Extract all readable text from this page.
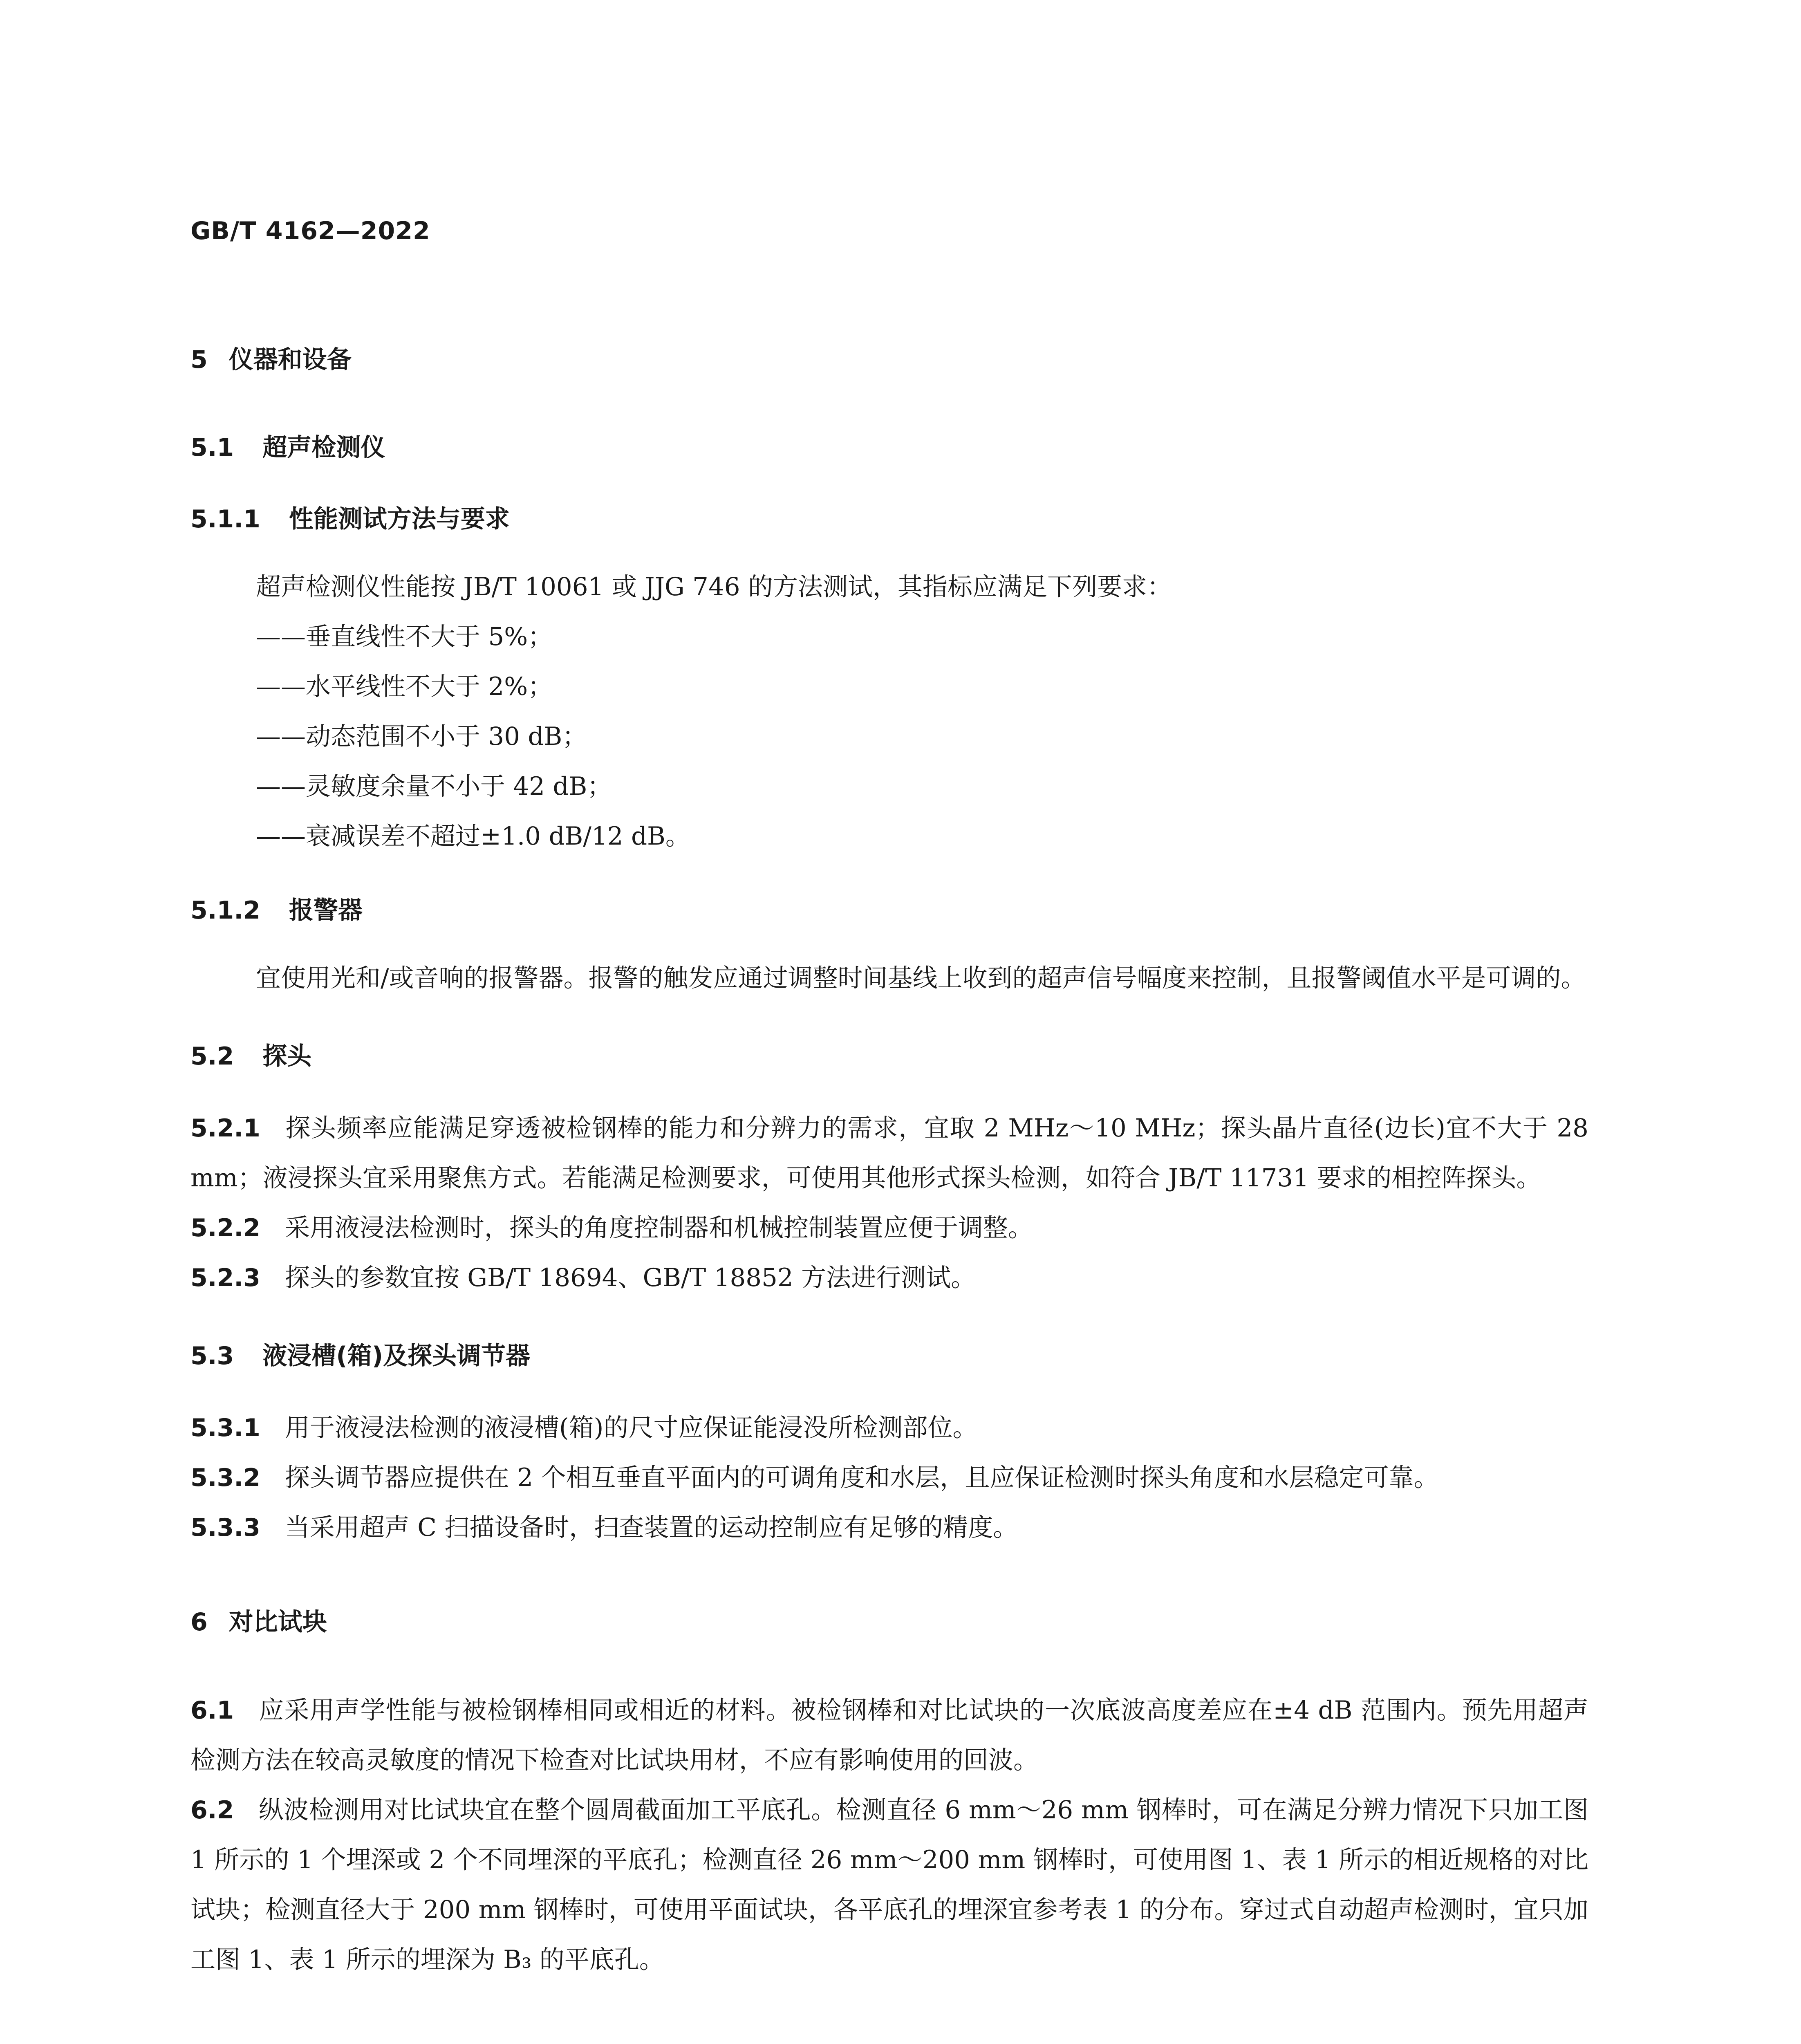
GB/T 4162—2022
5 仪器和设备
5.1 超声检测仪
5.1.1 性能测试方法与要求

超声检测仪性能按 JB/T 10061 或 JJG 746 的方法测试，其指标应满足下列要求：

——垂直线性不大于 5%；
——水平线性不大于 2%；
——动态范围不小于 30 dB；
——灵敏度余量不小于 42 dB；
——衰减误差不超过±1.0 dB/12 dB。
5.1.2 报警器

宜使用光和/或音响的报警器。报警的触发应通过调整时间基线上收到的超声信号幅度来控制，且报警阈值水平是可调的。

5.2 探头

5.2.1 探头频率应能满足穿透被检钢棒的能力和分辨力的需求，宜取 2 MHz～10 MHz；探头晶片直径(边长)宜不大于 28 mm；液浸探头宜采用聚焦方式。若能满足检测要求，可使用其他形式探头检测，如符合 JB/T 11731 要求的相控阵探头。

5.2.2 采用液浸法检测时，探头的角度控制器和机械控制装置应便于调整。

5.2.3 探头的参数宜按 GB/T 18694、GB/T 18852 方法进行测试。

5.3 液浸槽(箱)及探头调节器

5.3.1 用于液浸法检测的液浸槽(箱)的尺寸应保证能浸没所检测部位。

5.3.2 探头调节器应提供在 2 个相互垂直平面内的可调角度和水层，且应保证检测时探头角度和水层稳定可靠。

5.3.3 当采用超声 C 扫描设备时，扫查装置的运动控制应有足够的精度。

6 对比试块

6.1 应采用声学性能与被检钢棒相同或相近的材料。被检钢棒和对比试块的一次底波高度差应在±4 dB 范围内。预先用超声检测方法在较高灵敏度的情况下检查对比试块用材，不应有影响使用的回波。

6.2 纵波检测用对比试块宜在整个圆周截面加工平底孔。检测直径 6 mm～26 mm 钢棒时，可在满足分辨力情况下只加工图 1 所示的 1 个埋深或 2 个不同埋深的平底孔；检测直径 26 mm～200 mm 钢棒时，可使用图 1、表 1 所示的相近规格的对比试块；检测直径大于 200 mm 钢棒时，可使用平面试块，各平底孔的埋深宜参考表 1 的分布。穿过式自动超声检测时，宜只加工图 1、表 1 所示的埋深为 B₃ 的平底孔。
